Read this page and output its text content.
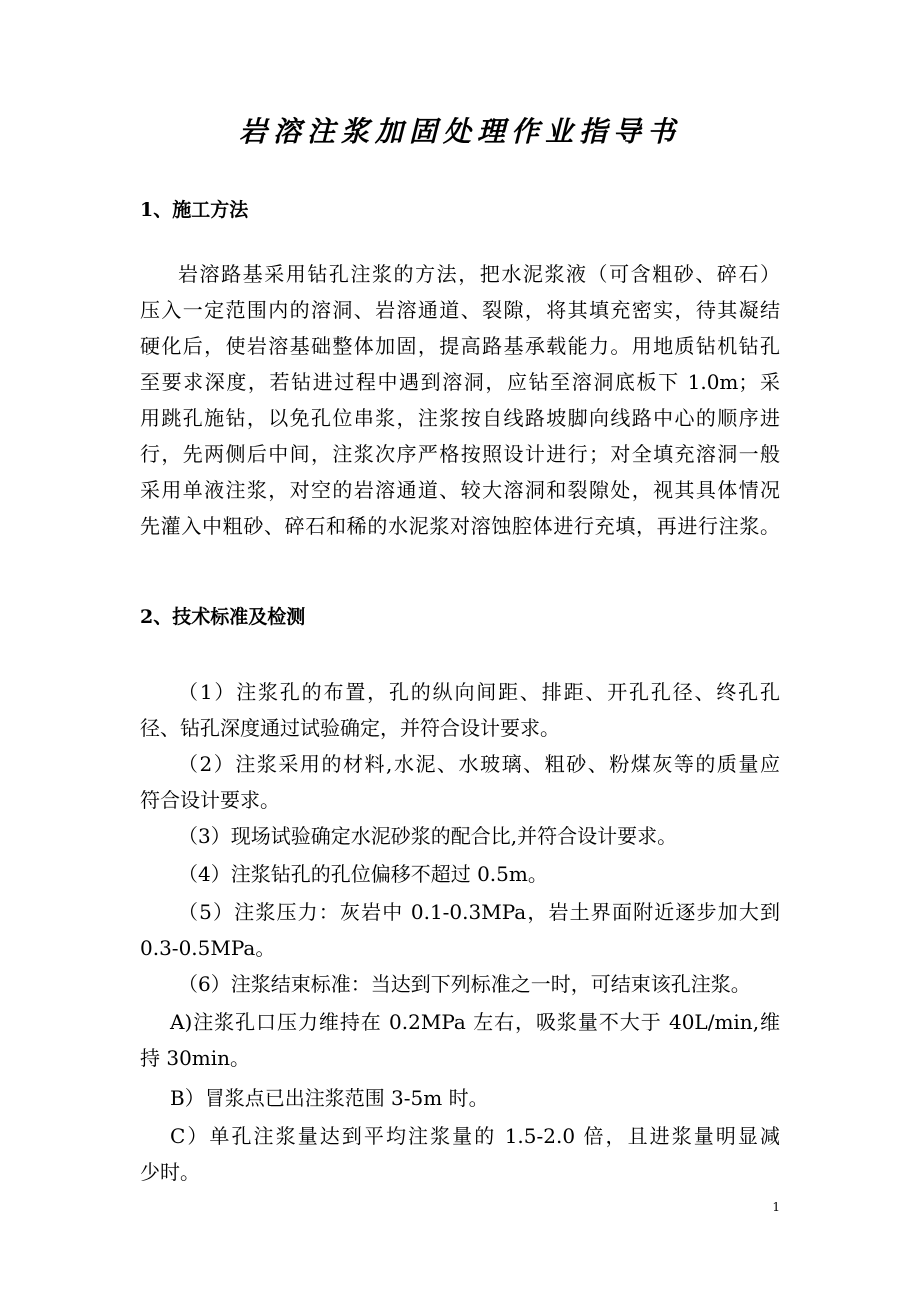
岩溶注浆加固处理作业指导书
1、施工方法
岩溶路基采用钻孔注浆的方法，把水泥浆液（可含粗砂、碎石）
压入一定范围内的溶洞、岩溶通道、裂隙，将其填充密实，待其凝结
硬化后，使岩溶基础整体加固，提高路基承载能力。用地质钻机钻孔
至要求深度，若钻进过程中遇到溶洞，应钻至溶洞底板下 1.0m；采
用跳孔施钻，以免孔位串浆，注浆按自线路坡脚向线路中心的顺序进
行，先两侧后中间，注浆次序严格按照设计进行；对全填充溶洞一般
采用单液注浆，对空的岩溶通道、较大溶洞和裂隙处，视其具体情况
先灌入中粗砂、碎石和稀的水泥浆对溶蚀腔体进行充填，再进行注浆。
2、技术标准及检测
（1）注浆孔的布置，孔的纵向间距、排距、开孔孔径、终孔孔
径、钻孔深度通过试验确定，并符合设计要求。
（2）注浆采用的材料,水泥、水玻璃、粗砂、粉煤灰等的质量应
符合设计要求。
（3）现场试验确定水泥砂浆的配合比,并符合设计要求。
（4）注浆钻孔的孔位偏移不超过 0.5m。
（5）注浆压力：灰岩中 0.1-0.3MPa，岩土界面附近逐步加大到
0.3-0.5MPa。
（6）注浆结束标准：当达到下列标准之一时，可结束该孔注浆。
A)注浆孔口压力维持在 0.2MPa 左右，吸浆量不大于 40L/min,维
持 30min。
B）冒浆点已出注浆范围 3-5m 时。
C）单孔注浆量达到平均注浆量的 1.5-2.0 倍，且进浆量明显减
少时。
1
